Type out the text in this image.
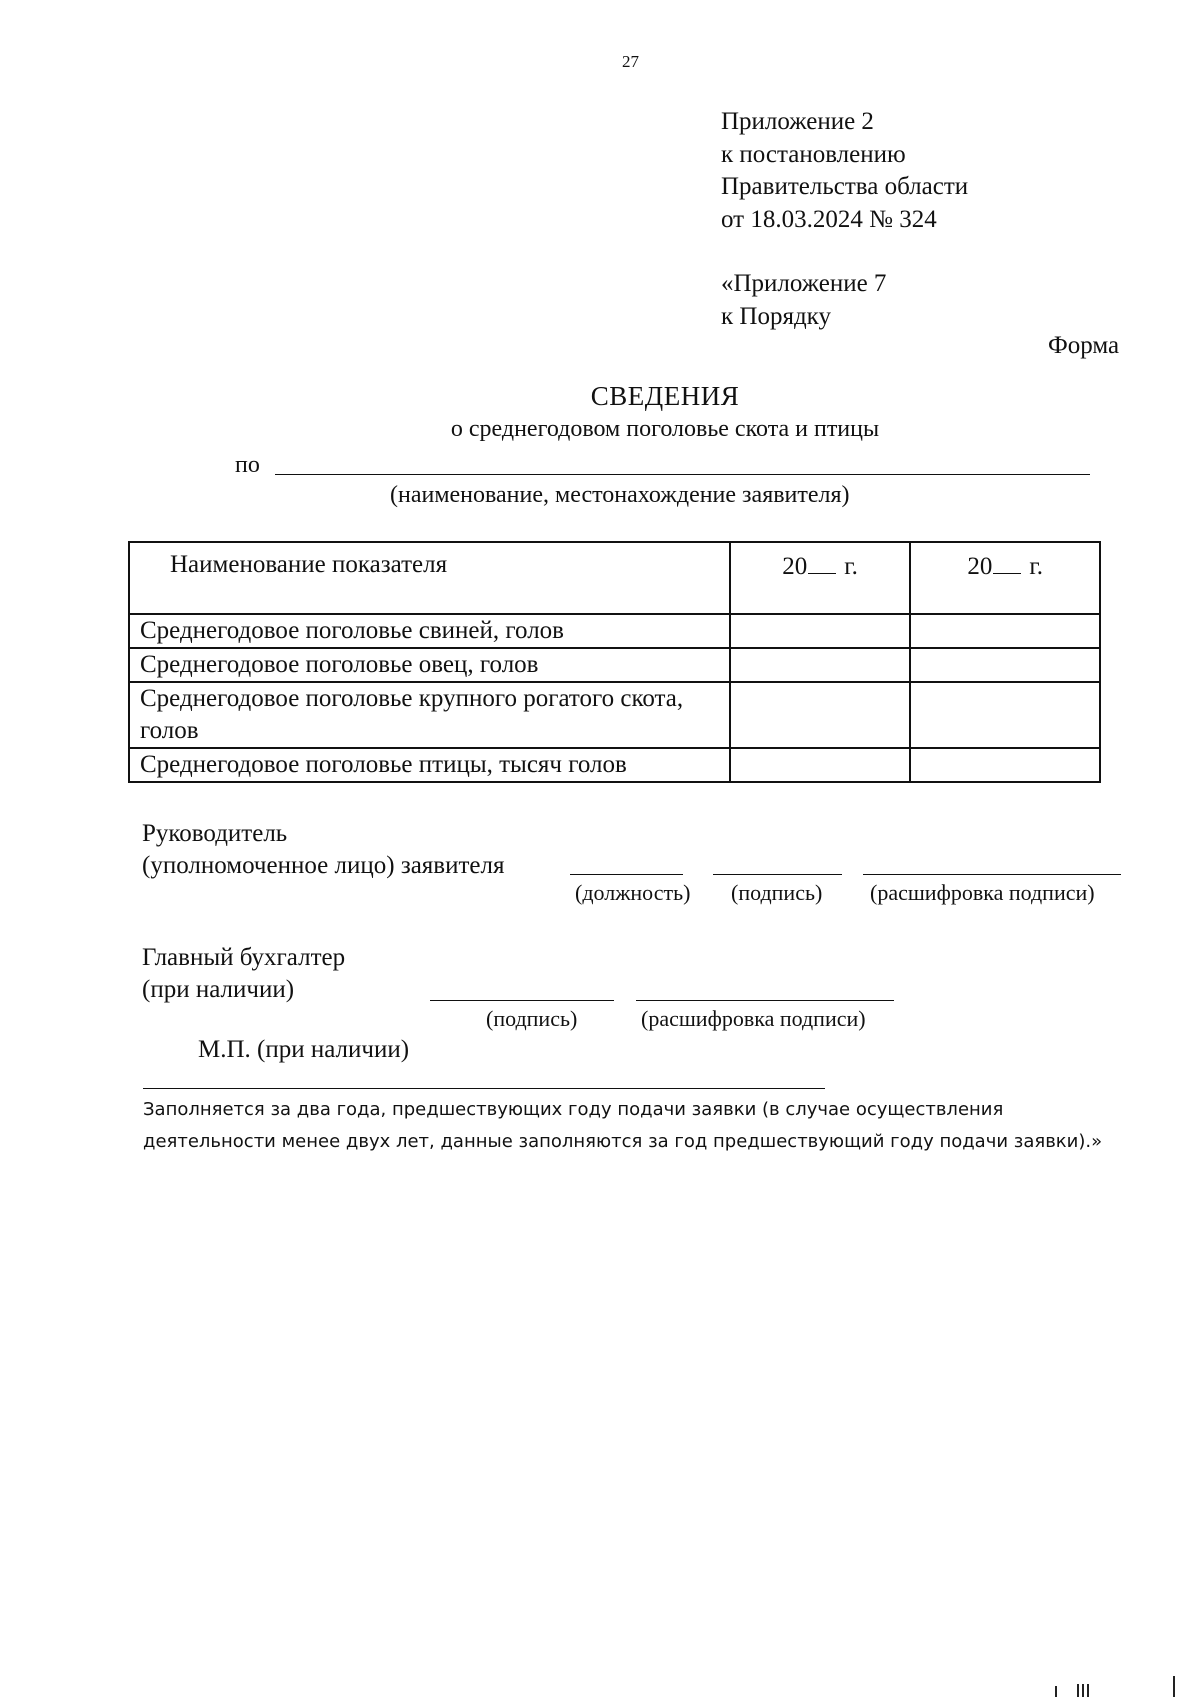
27
Приложение 2
к постановлению
Правительства области
от 18.03.2024 № 324
«Приложение 7
к Порядку
Форма
СВЕДЕНИЯ
о среднегодовом поголовье скота и птицы
по
(наименование, местонахождение заявителя)
Наименование показателя	20 г.	20 г.
Среднегодовое поголовье свиней, голов		
Среднегодовое поголовье овец, голов		
Среднегодовое поголовье крупного рогатого скота, голов		
Среднегодовое поголовье птицы, тысяч голов		
Руководитель
(уполномоченное лицо) заявителя
(должность) (подпись) (расшифровка подписи)
Главный бухгалтер
(при наличии)
(подпись)	(расшифровка подписи)
М.П. (при наличии)
Заполняется за два года, предшествующих году подачи заявки (в случае осуществления деятельности менее двух лет, данные заполняются за год предшествующий году подачи заявки).»
